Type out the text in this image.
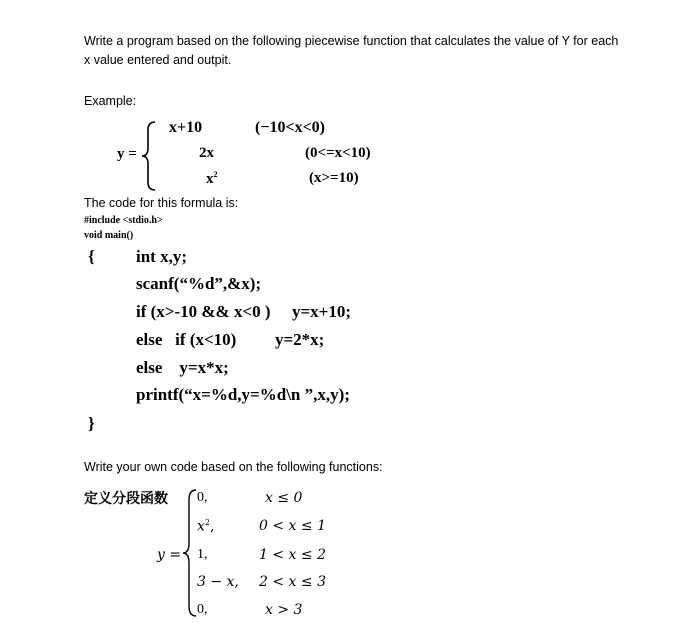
Write a program based on the following piecewise function that calculates the value of Y for each
x value entered and outpit.
Example:
y =
x+10	(−10<x<0)
2x	(0<=x<10)
$x^2$	(x>=10)
The code for this formula is:
#include <stdio.h>
void main()
{ int x,y;
scanf(“%d”,&x);
if (x>-10 && x<0 ) y=x+10;
else   if (x<10) y=2*x;
else    y=x*x;
printf(“x=%d,y=%d\n ”,x,y);
}
Write your own code based on the following functions:
定义分段函数
y =
0,	x ≤ 0
$x^2$,	0 < x ≤ 1
1,	1 < x ≤ 2
3 − x, 2 < x ≤ 3
0,	x > 3
